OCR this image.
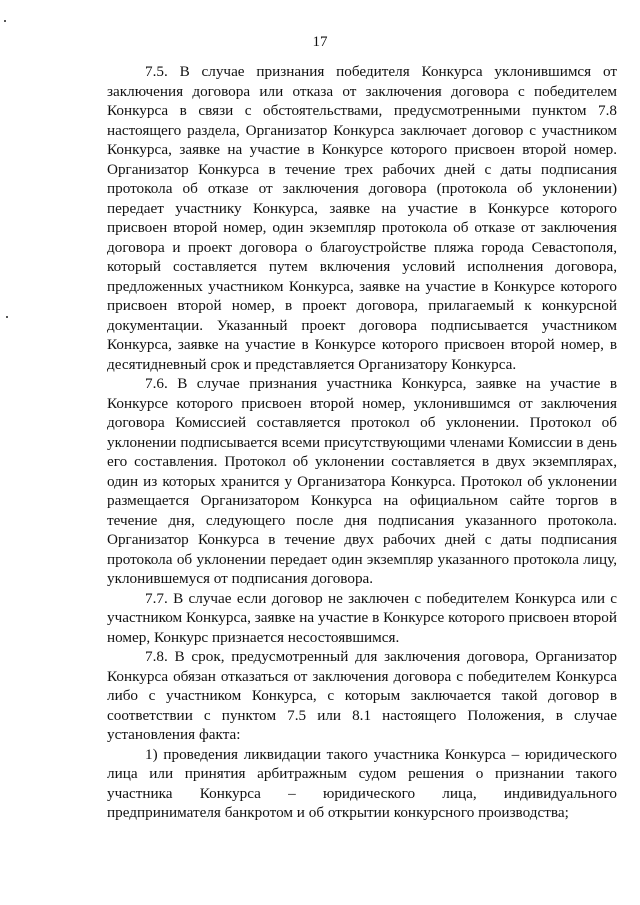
17

7.5. В случае признания победителя Конкурса уклонившимся от заключения договора или отказа от заключения договора с победителем Конкурса в связи с обстоятельствами, предусмотренными пунктом 7.8 настоящего раздела, Организатор Конкурса заключает договор с участником Конкурса, заявке на участие в Конкурсе которого присвоен второй номер. Организатор Конкурса в течение трех рабочих дней с даты подписания протокола об отказе от заключения договора (протокола об уклонении) передает участнику Конкурса, заявке на участие в Конкурсе которого присвоен второй номер, один экземпляр протокола об отказе от заключения договора и проект договора о благоустройстве пляжа города Севастополя, который составляется путем включения условий исполнения договора, предложенных участником Конкурса, заявке на участие в Конкурсе которого присвоен второй номер, в проект договора, прилагаемый к конкурсной документации. Указанный проект договора подписывается участником Конкурса, заявке на участие в Конкурсе которого присвоен второй номер, в десятидневный срок и представляется Организатору Конкурса.

7.6. В случае признания участника Конкурса, заявке на участие в Конкурсе которого присвоен второй номер, уклонившимся от заключения договора Комиссией составляется протокол об уклонении. Протокол об уклонении подписывается всеми присутствующими членами Комиссии в день его составления. Протокол об уклонении составляется в двух экземплярах, один из которых хранится у Организатора Конкурса. Протокол об уклонении размещается Организатором Конкурса на официальном сайте торгов в течение дня, следующего после дня подписания указанного протокола. Организатор Конкурса в течение двух рабочих дней с даты подписания протокола об уклонении передает один экземпляр указанного протокола лицу, уклонившемуся от подписания договора.

7.7. В случае если договор не заключен с победителем Конкурса или с участником Конкурса, заявке на участие в Конкурсе которого присвоен второй номер, Конкурс признается несостоявшимся.

7.8. В срок, предусмотренный для заключения договора, Организатор Конкурса обязан отказаться от заключения договора с победителем Конкурса либо с участником Конкурса, с которым заключается такой договор в соответствии с пунктом 7.5 или 8.1 настоящего Положения, в случае установления факта:

1) проведения ликвидации такого участника Конкурса – юридического лица или принятия арбитражным судом решения о признании такого участника Конкурса – юридического лица, индивидуального предпринимателя банкротом и об открытии конкурсного производства;
